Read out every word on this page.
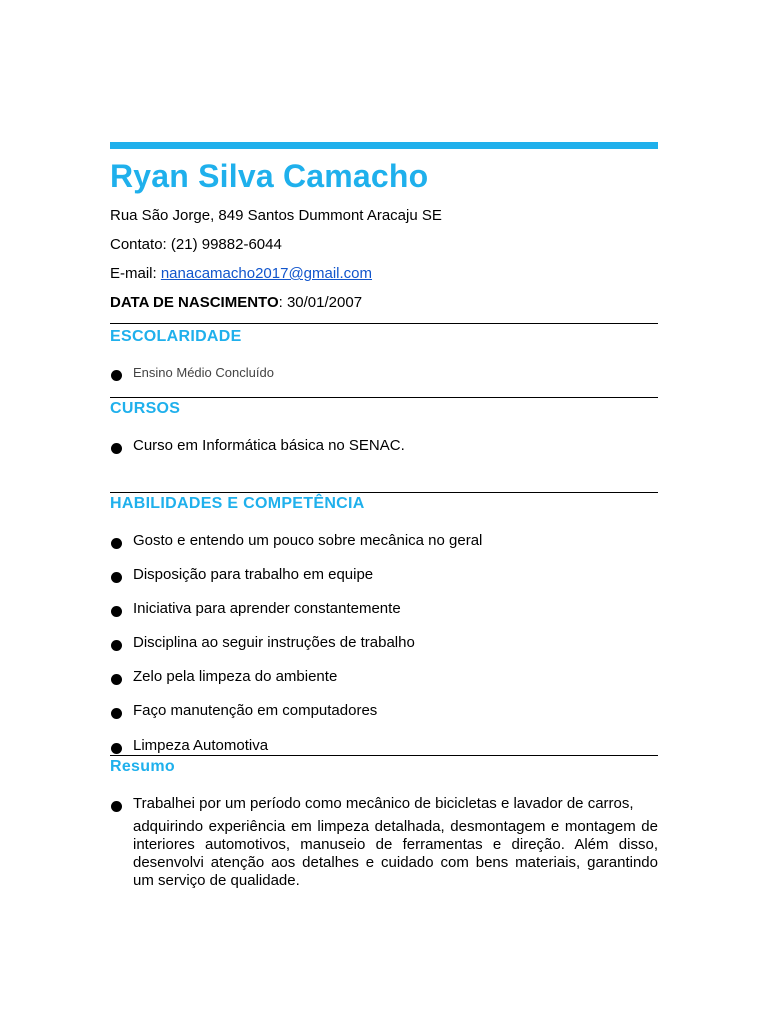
Ryan Silva Camacho

Rua São Jorge, 849 Santos Dummont Aracaju SE

Contato: (21) 99882-6044

E-mail: nanacamacho2017@gmail.com

DATA DE NASCIMENTO: 30/01/2007

ESCOLARIDADE
Ensino Médio Concluído
CURSOS
Curso em Informática básica no SENAC.
HABILIDADES E COMPETÊNCIA
Gosto e entendo um pouco sobre mecânica no geral
Disposição para trabalho em equipe
Iniciativa para aprender constantemente
Disciplina ao seguir instruções de trabalho
Zelo pela limpeza do ambiente
Faço manutenção em computadores
Limpeza Automotiva
Resumo
Trabalhei por um período como mecânico de bicicletas e lavador de carros,
adquirindo experiência em limpeza detalhada, desmontagem e montagem de interiores automotivos, manuseio de ferramentas e direção. Além disso, desenvolvi atenção aos detalhes e cuidado com bens materiais, garantindo um serviço de qualidade.
